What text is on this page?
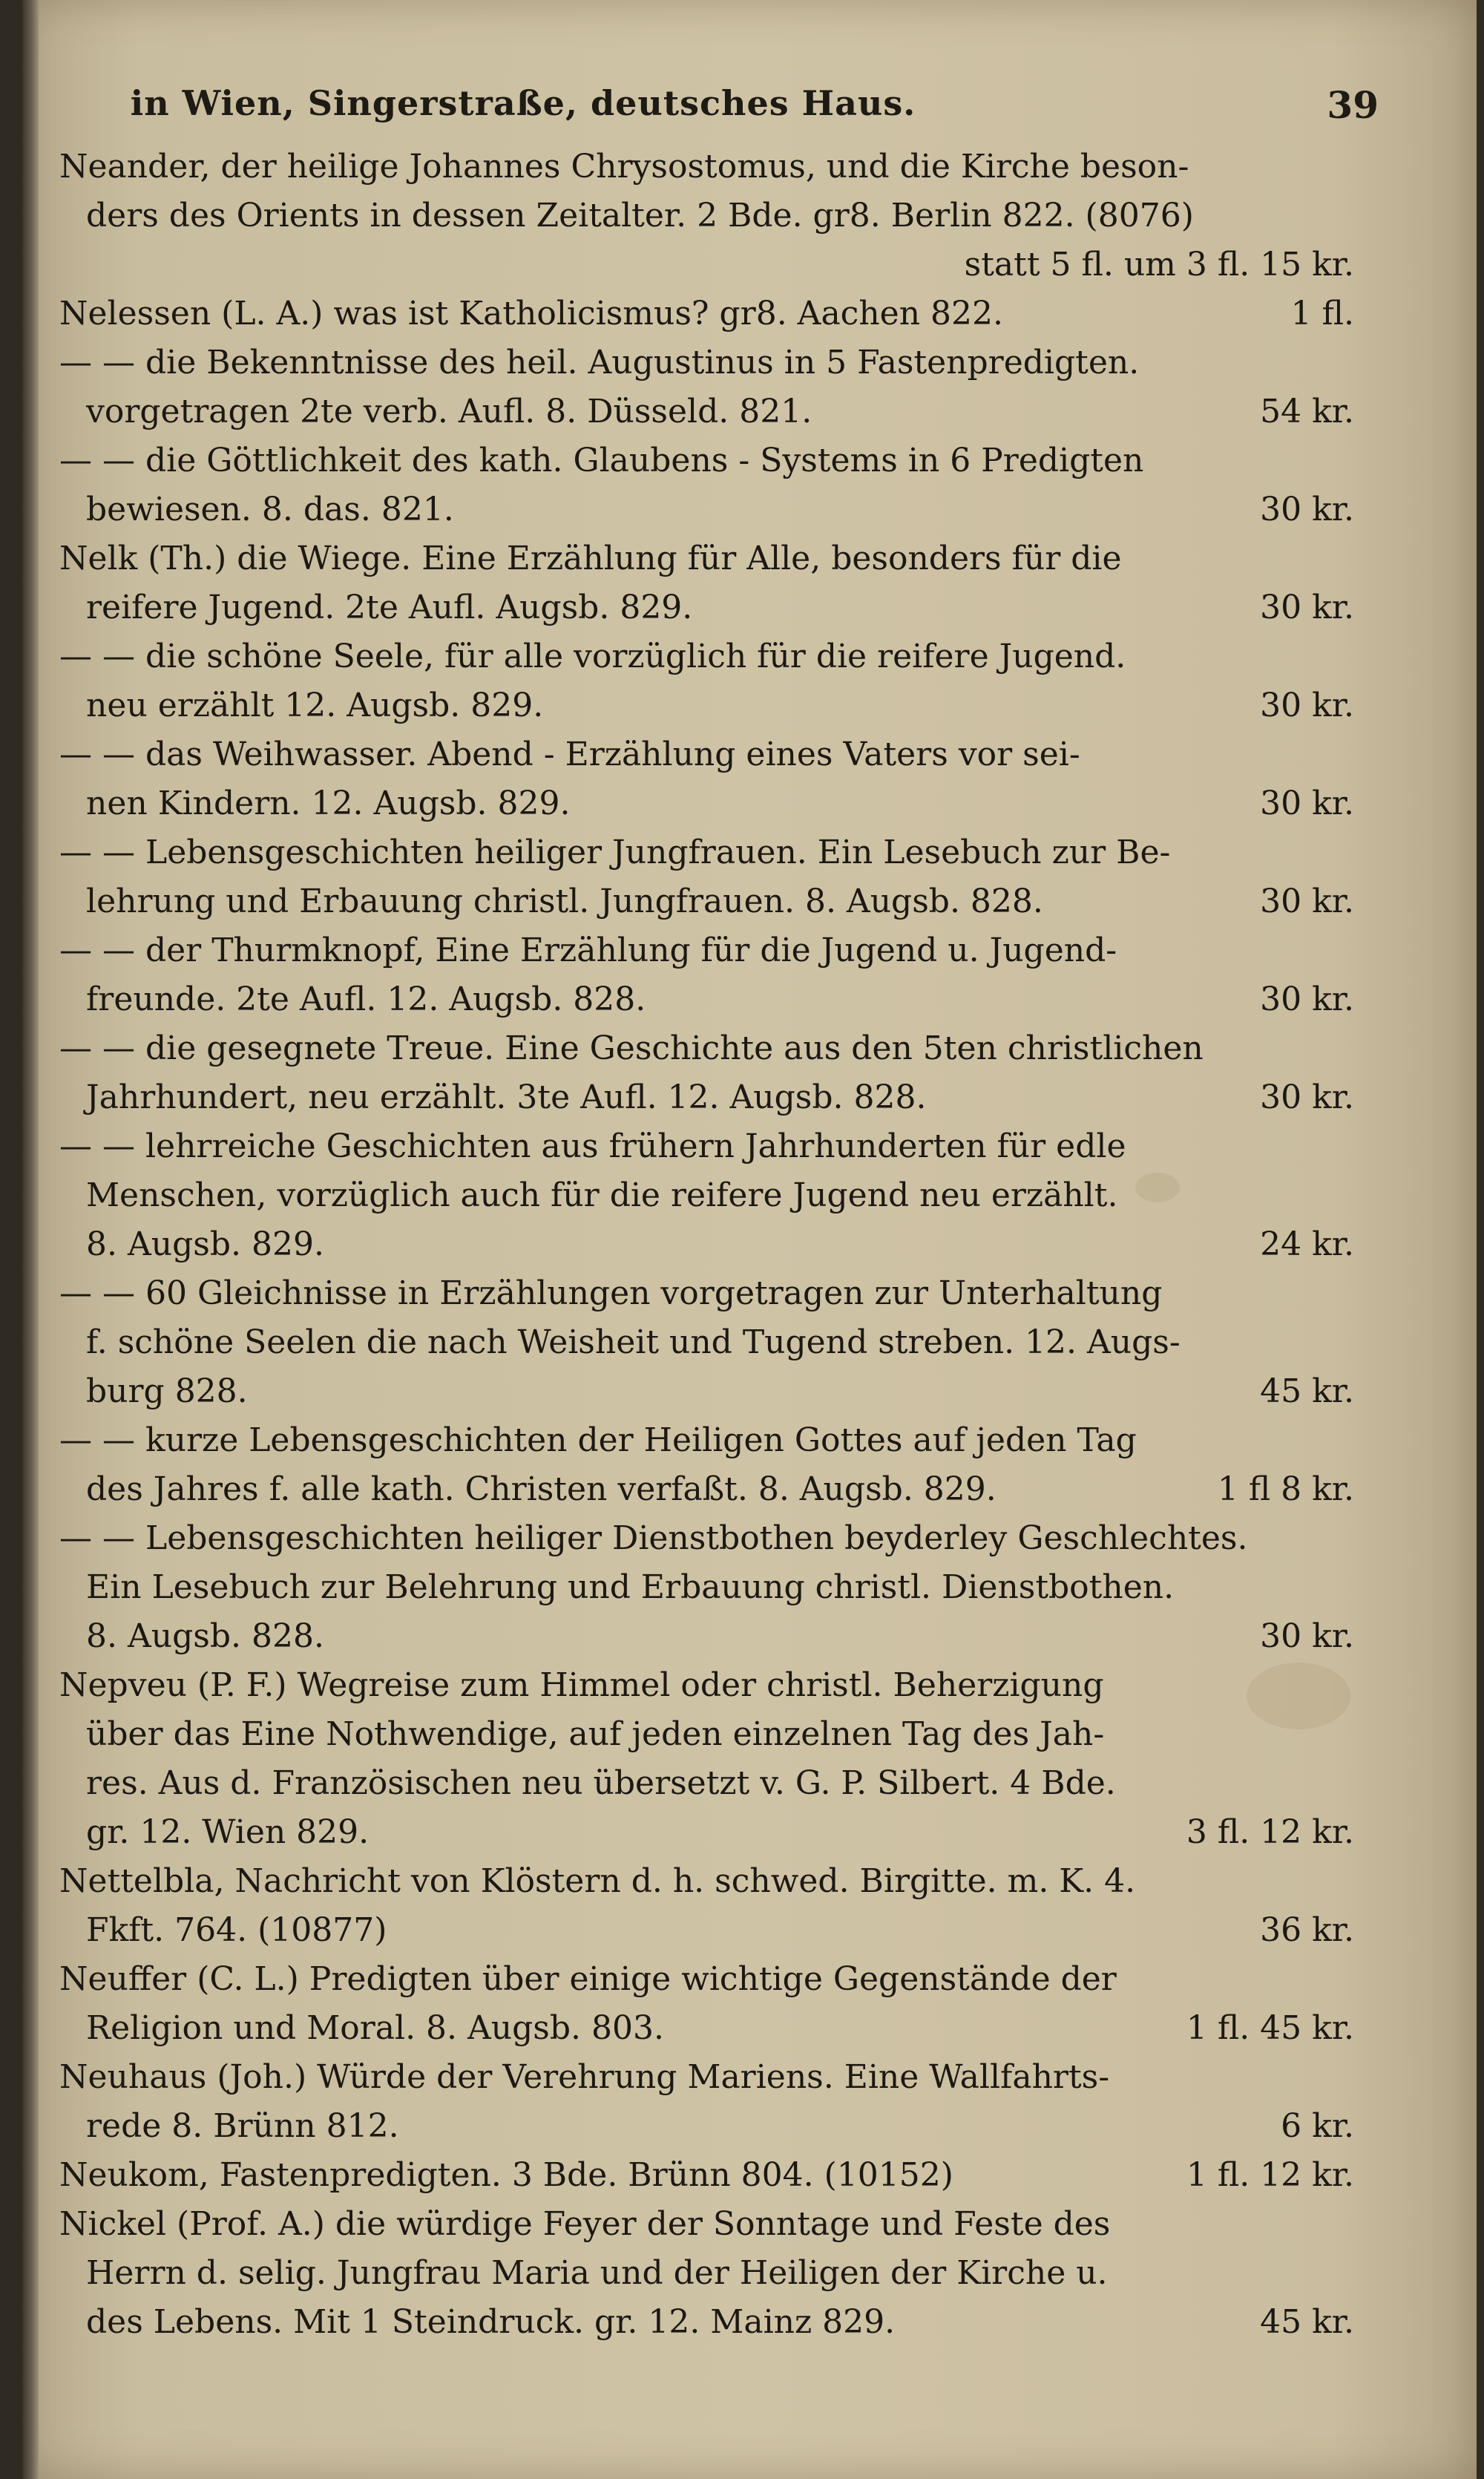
in Wien, Singerstraße, deutsches Haus.	39
Neander, der heilige Johannes Chrysostomus, und die Kirche beson-
ders des Orients in dessen Zeitalter. 2 Bde. gr8. Berlin 822. (8076)
statt 5 fl. um 3 fl. 15 kr.
1 fl.
Nelessen (L. A.) was ist Katholicismus? gr8. Aachen 822.
— — die Bekenntnisse des heil. Augustinus in 5 Fastenpredigten.
54 kr.
vorgetragen 2te verb. Aufl. 8. Düsseld. 821.
— — die Göttlichkeit des kath. Glaubens - Systems in 6 Predigten
30 kr.
bewiesen. 8. das. 821.
Nelk (Th.) die Wiege. Eine Erzählung für Alle, besonders für die
30 kr.
reifere Jugend. 2te Aufl. Augsb. 829.
— — die schöne Seele, für alle vorzüglich für die reifere Jugend.
30 kr.
neu erzählt 12. Augsb. 829.
— — das Weihwasser. Abend - Erzählung eines Vaters vor sei-
30 kr.
nen Kindern. 12. Augsb. 829.
— — Lebensgeschichten heiliger Jungfrauen. Ein Lesebuch zur Be-
30 kr.
lehrung und Erbauung christl. Jungfrauen. 8. Augsb. 828.
— — der Thurmknopf, Eine Erzählung für die Jugend u. Jugend-
30 kr.
freunde. 2te Aufl. 12. Augsb. 828.
— — die gesegnete Treue. Eine Geschichte aus den 5ten christlichen
30 kr.
Jahrhundert, neu erzählt. 3te Aufl. 12. Augsb. 828.
— — lehrreiche Geschichten aus frühern Jahrhunderten für edle
Menschen, vorzüglich auch für die reifere Jugend neu erzählt.
24 kr.
8. Augsb. 829.
— — 60 Gleichnisse in Erzählungen vorgetragen zur Unterhaltung
f. schöne Seelen die nach Weisheit und Tugend streben. 12. Augs-
45 kr.
burg 828.
— — kurze Lebensgeschichten der Heiligen Gottes auf jeden Tag
1 fl 8 kr.
des Jahres f. alle kath. Christen verfaßt. 8. Augsb. 829.
— — Lebensgeschichten heiliger Dienstbothen beyderley Geschlechtes.
Ein Lesebuch zur Belehrung und Erbauung christl. Dienstbothen.
30 kr.
8. Augsb. 828.
Nepveu (P. F.) Wegreise zum Himmel oder christl. Beherzigung
über das Eine Nothwendige, auf jeden einzelnen Tag des Jah-
res. Aus d. Französischen neu übersetzt v. G. P. Silbert. 4 Bde.
3 fl. 12 kr.
gr. 12. Wien 829.
Nettelbla, Nachricht von Klöstern d. h. schwed. Birgitte. m. K. 4.
36 kr.
Fkft. 764. (10877)
Neuffer (C. L.) Predigten über einige wichtige Gegenstände der
1 fl. 45 kr.
Religion und Moral. 8. Augsb. 803.
Neuhaus (Joh.) Würde der Verehrung Mariens. Eine Wallfahrts-
6 kr.
rede 8. Brünn 812.
1 fl. 12 kr.
Neukom, Fastenpredigten. 3 Bde. Brünn 804. (10152)
Nickel (Prof. A.) die würdige Feyer der Sonntage und Feste des
Herrn d. selig. Jungfrau Maria und der Heiligen der Kirche u.
45 kr.
des Lebens. Mit 1 Steindruck. gr. 12. Mainz 829.
